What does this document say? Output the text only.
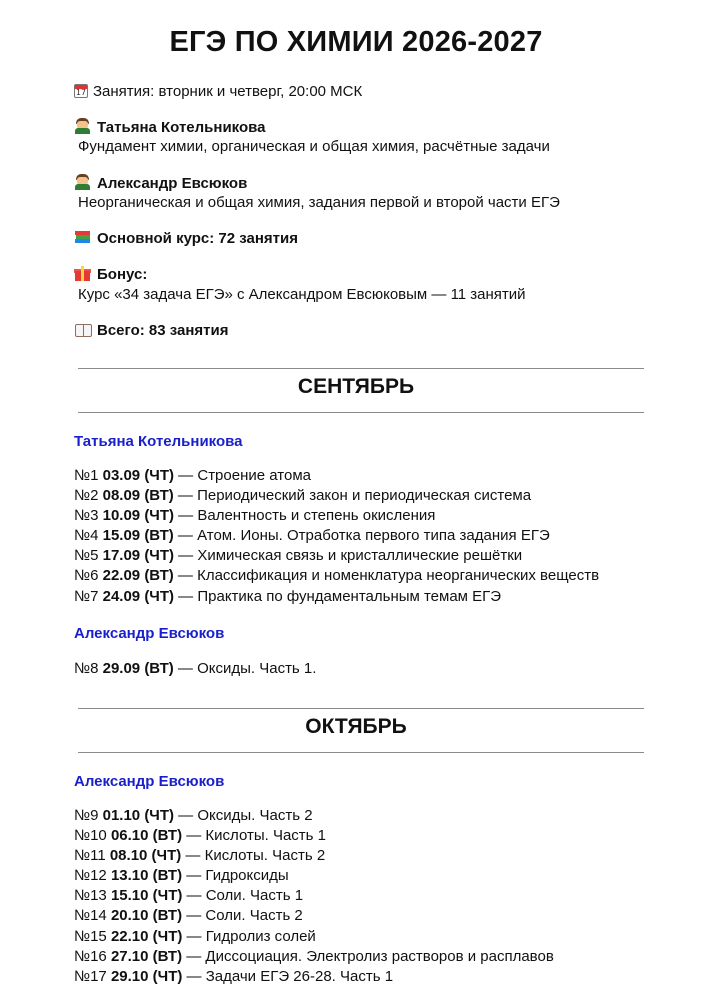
ЕГЭ ПО ХИМИИ 2026-2027
17Занятия: вторник и четверг, 20:00 МСК
Татьяна Котельникова
Фундамент химии, органическая и общая химия, расчётные задачи
Александр Евсюков
Неорганическая и общая химия, задания первой и второй части ЕГЭ
Основной курс: 72 занятия
Бонус:
Курс «34 задача ЕГЭ» с Александром Евсюковым — 11 занятий
Всего: 83 занятия
СЕНТЯБРЬ
Татьяна Котельникова
№1 03.09 (ЧТ) — Строение атома
№2 08.09 (ВТ) — Периодический закон и периодическая система
№3 10.09 (ЧТ) — Валентность и степень окисления
№4 15.09 (ВТ) — Атом. Ионы. Отработка первого типа задания ЕГЭ
№5 17.09 (ЧТ) — Химическая связь и кристаллические решётки
№6 22.09 (ВТ) — Классификация и номенклатура неорганических веществ
№7 24.09 (ЧТ) — Практика по фундаментальным темам ЕГЭ
Александр Евсюков
№8 29.09 (ВТ) — Оксиды. Часть 1.
ОКТЯБРЬ
Александр Евсюков
№9 01.10 (ЧТ) — Оксиды. Часть 2
№10 06.10 (ВТ) — Кислоты. Часть 1
№11 08.10 (ЧТ) — Кислоты. Часть 2
№12 13.10 (ВТ) — Гидроксиды
№13 15.10 (ЧТ) — Соли. Часть 1
№14 20.10 (ВТ) — Соли. Часть 2
№15 22.10 (ЧТ) — Гидролиз солей
№16 27.10 (ВТ) — Диссоциация. Электролиз растворов и расплавов
№17 29.10 (ЧТ) — Задачи ЕГЭ 26-28. Часть 1
